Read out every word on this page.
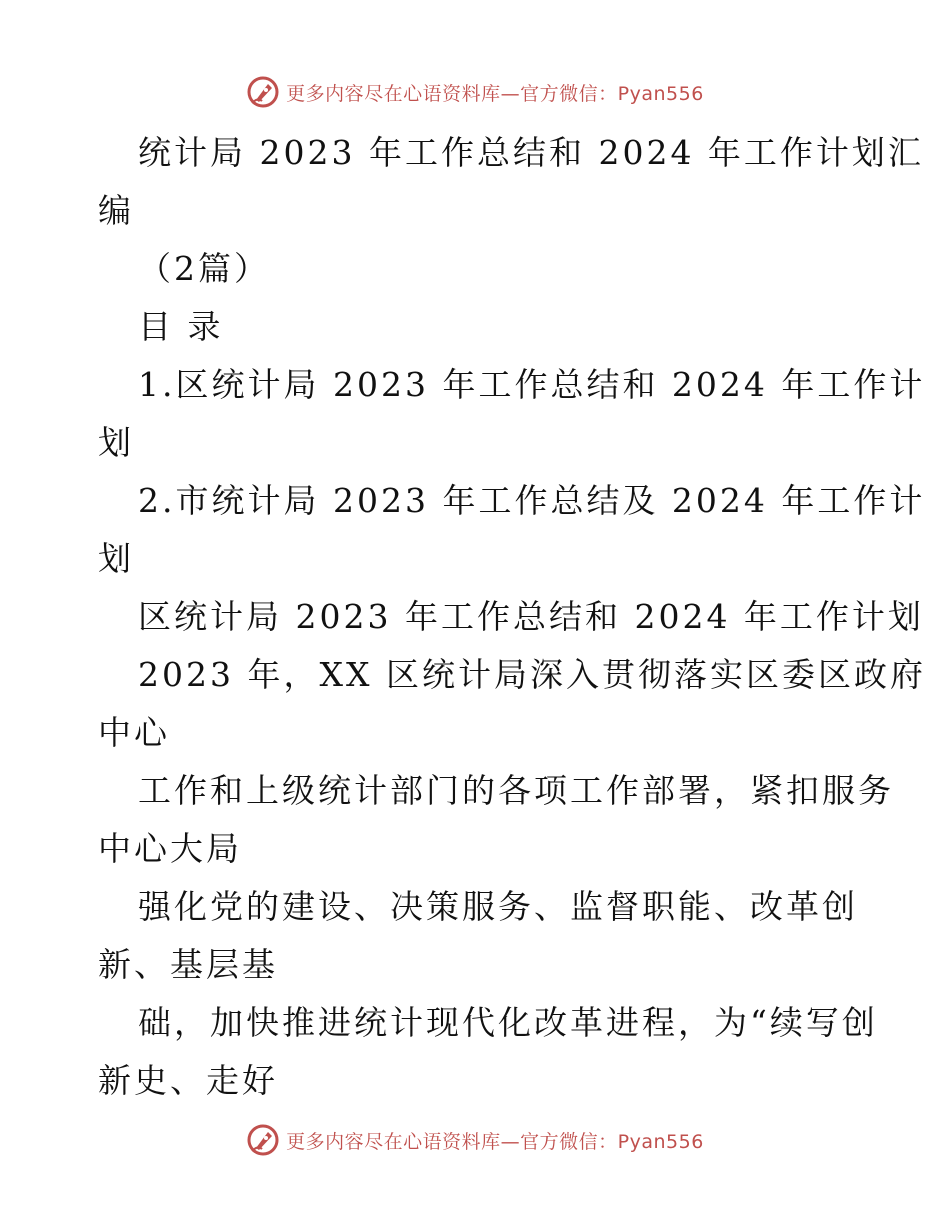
更多内容尽在心语资料库—官方微信：Pyan556
统计局 2023 年工作总结和 2024 年工作计划汇
编
（2篇）
目 录
1.区统计局 2023 年工作总结和 2024 年工作计
划
2.市统计局 2023 年工作总结及 2024 年工作计
划
区统计局 2023 年工作总结和 2024 年工作计划
2023 年，XX 区统计局深入贯彻落实区委区政府
中心
工作和上级统计部门的各项工作部署，紧扣服务
中心大局
强化党的建设、决策服务、监督职能、改革创
新、基层基
础，加快推进统计现代化改革进程，为“续写创
新史、走好
更多内容尽在心语资料库—官方微信：Pyan556
